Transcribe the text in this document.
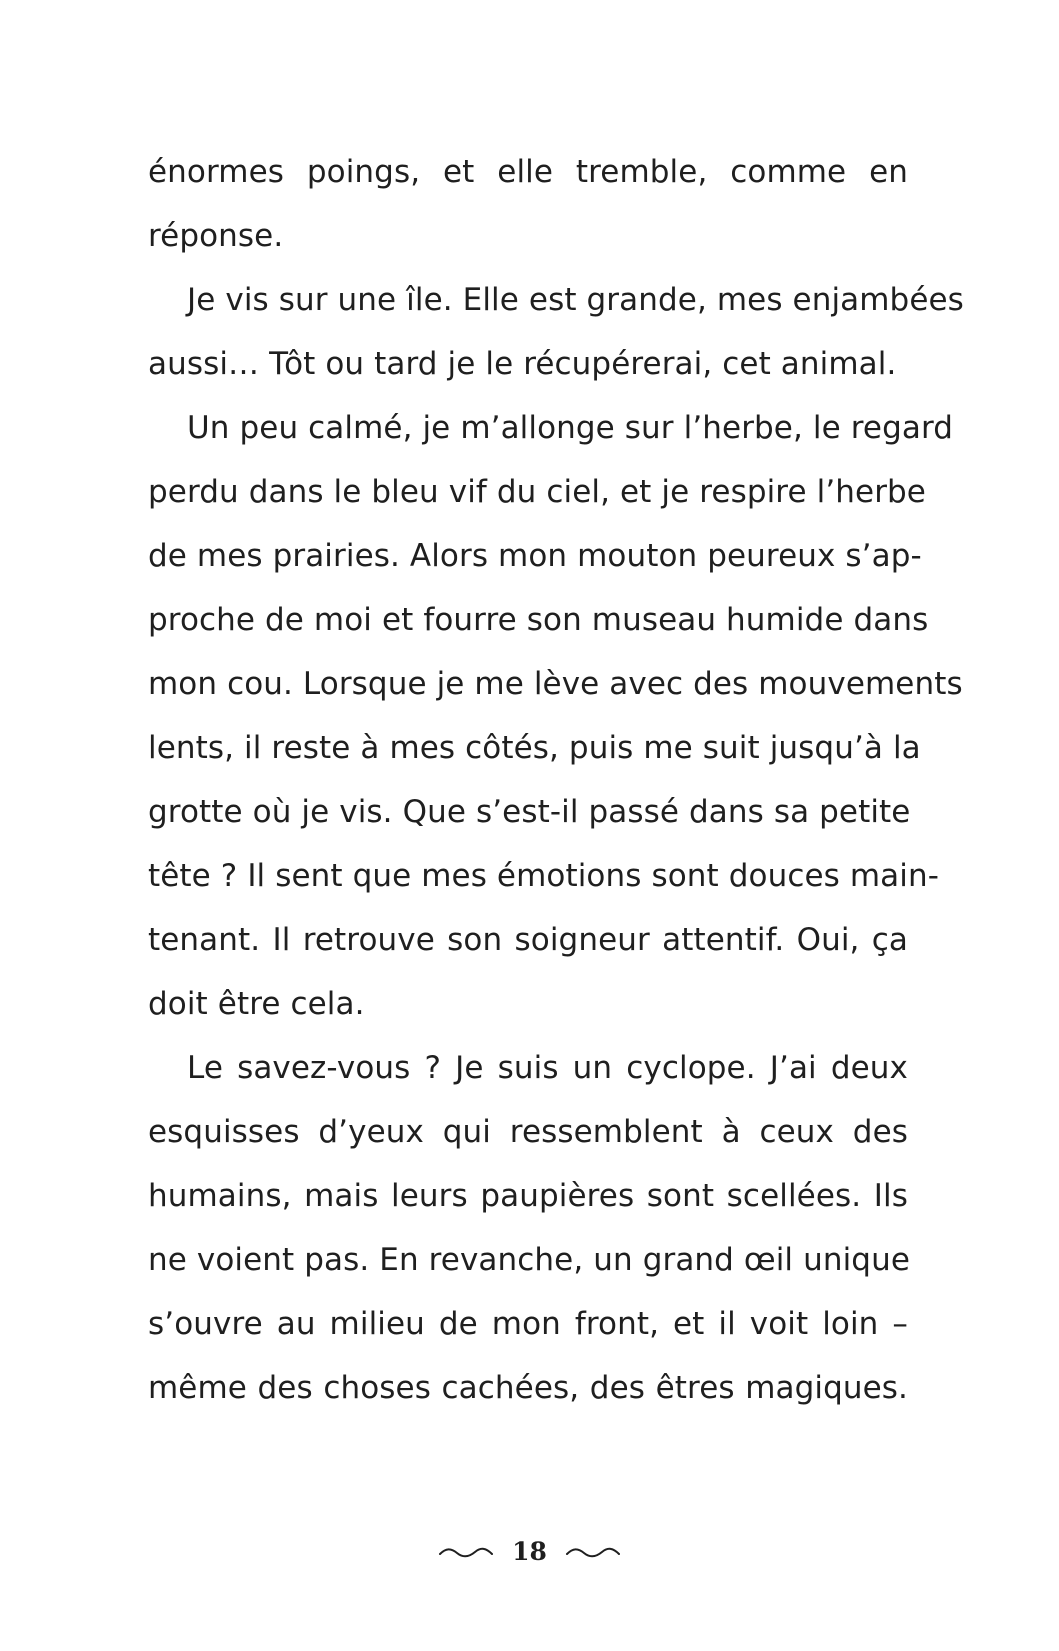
énormes poings, et elle tremble, comme en
réponse.
Je vis sur une île. Elle est grande, mes enjambées
aussi… Tôt ou tard je le récupérerai, cet animal.
Un peu calmé, je m’allonge sur l’herbe, le regard
perdu dans le bleu vif du ciel, et je respire l’herbe
de mes prairies. Alors mon mouton peureux s’ap-
proche de moi et fourre son museau humide dans
mon cou. Lorsque je me lève avec des mouvements
lents, il reste à mes côtés, puis me suit jusqu’à la
grotte où je vis. Que s’est-il passé dans sa petite
tête ? Il sent que mes émotions sont douces main-
tenant. Il retrouve son soigneur attentif. Oui, ça
doit être cela.
Le savez-vous ? Je suis un cyclope. J’ai deux
esquisses d’yeux qui ressemblent à ceux des
humains, mais leurs paupières sont scellées. Ils
ne voient pas. En revanche, un grand œil unique
s’ouvre au milieu de mon front, et il voit loin –
même des choses cachées, des êtres magiques.
18
